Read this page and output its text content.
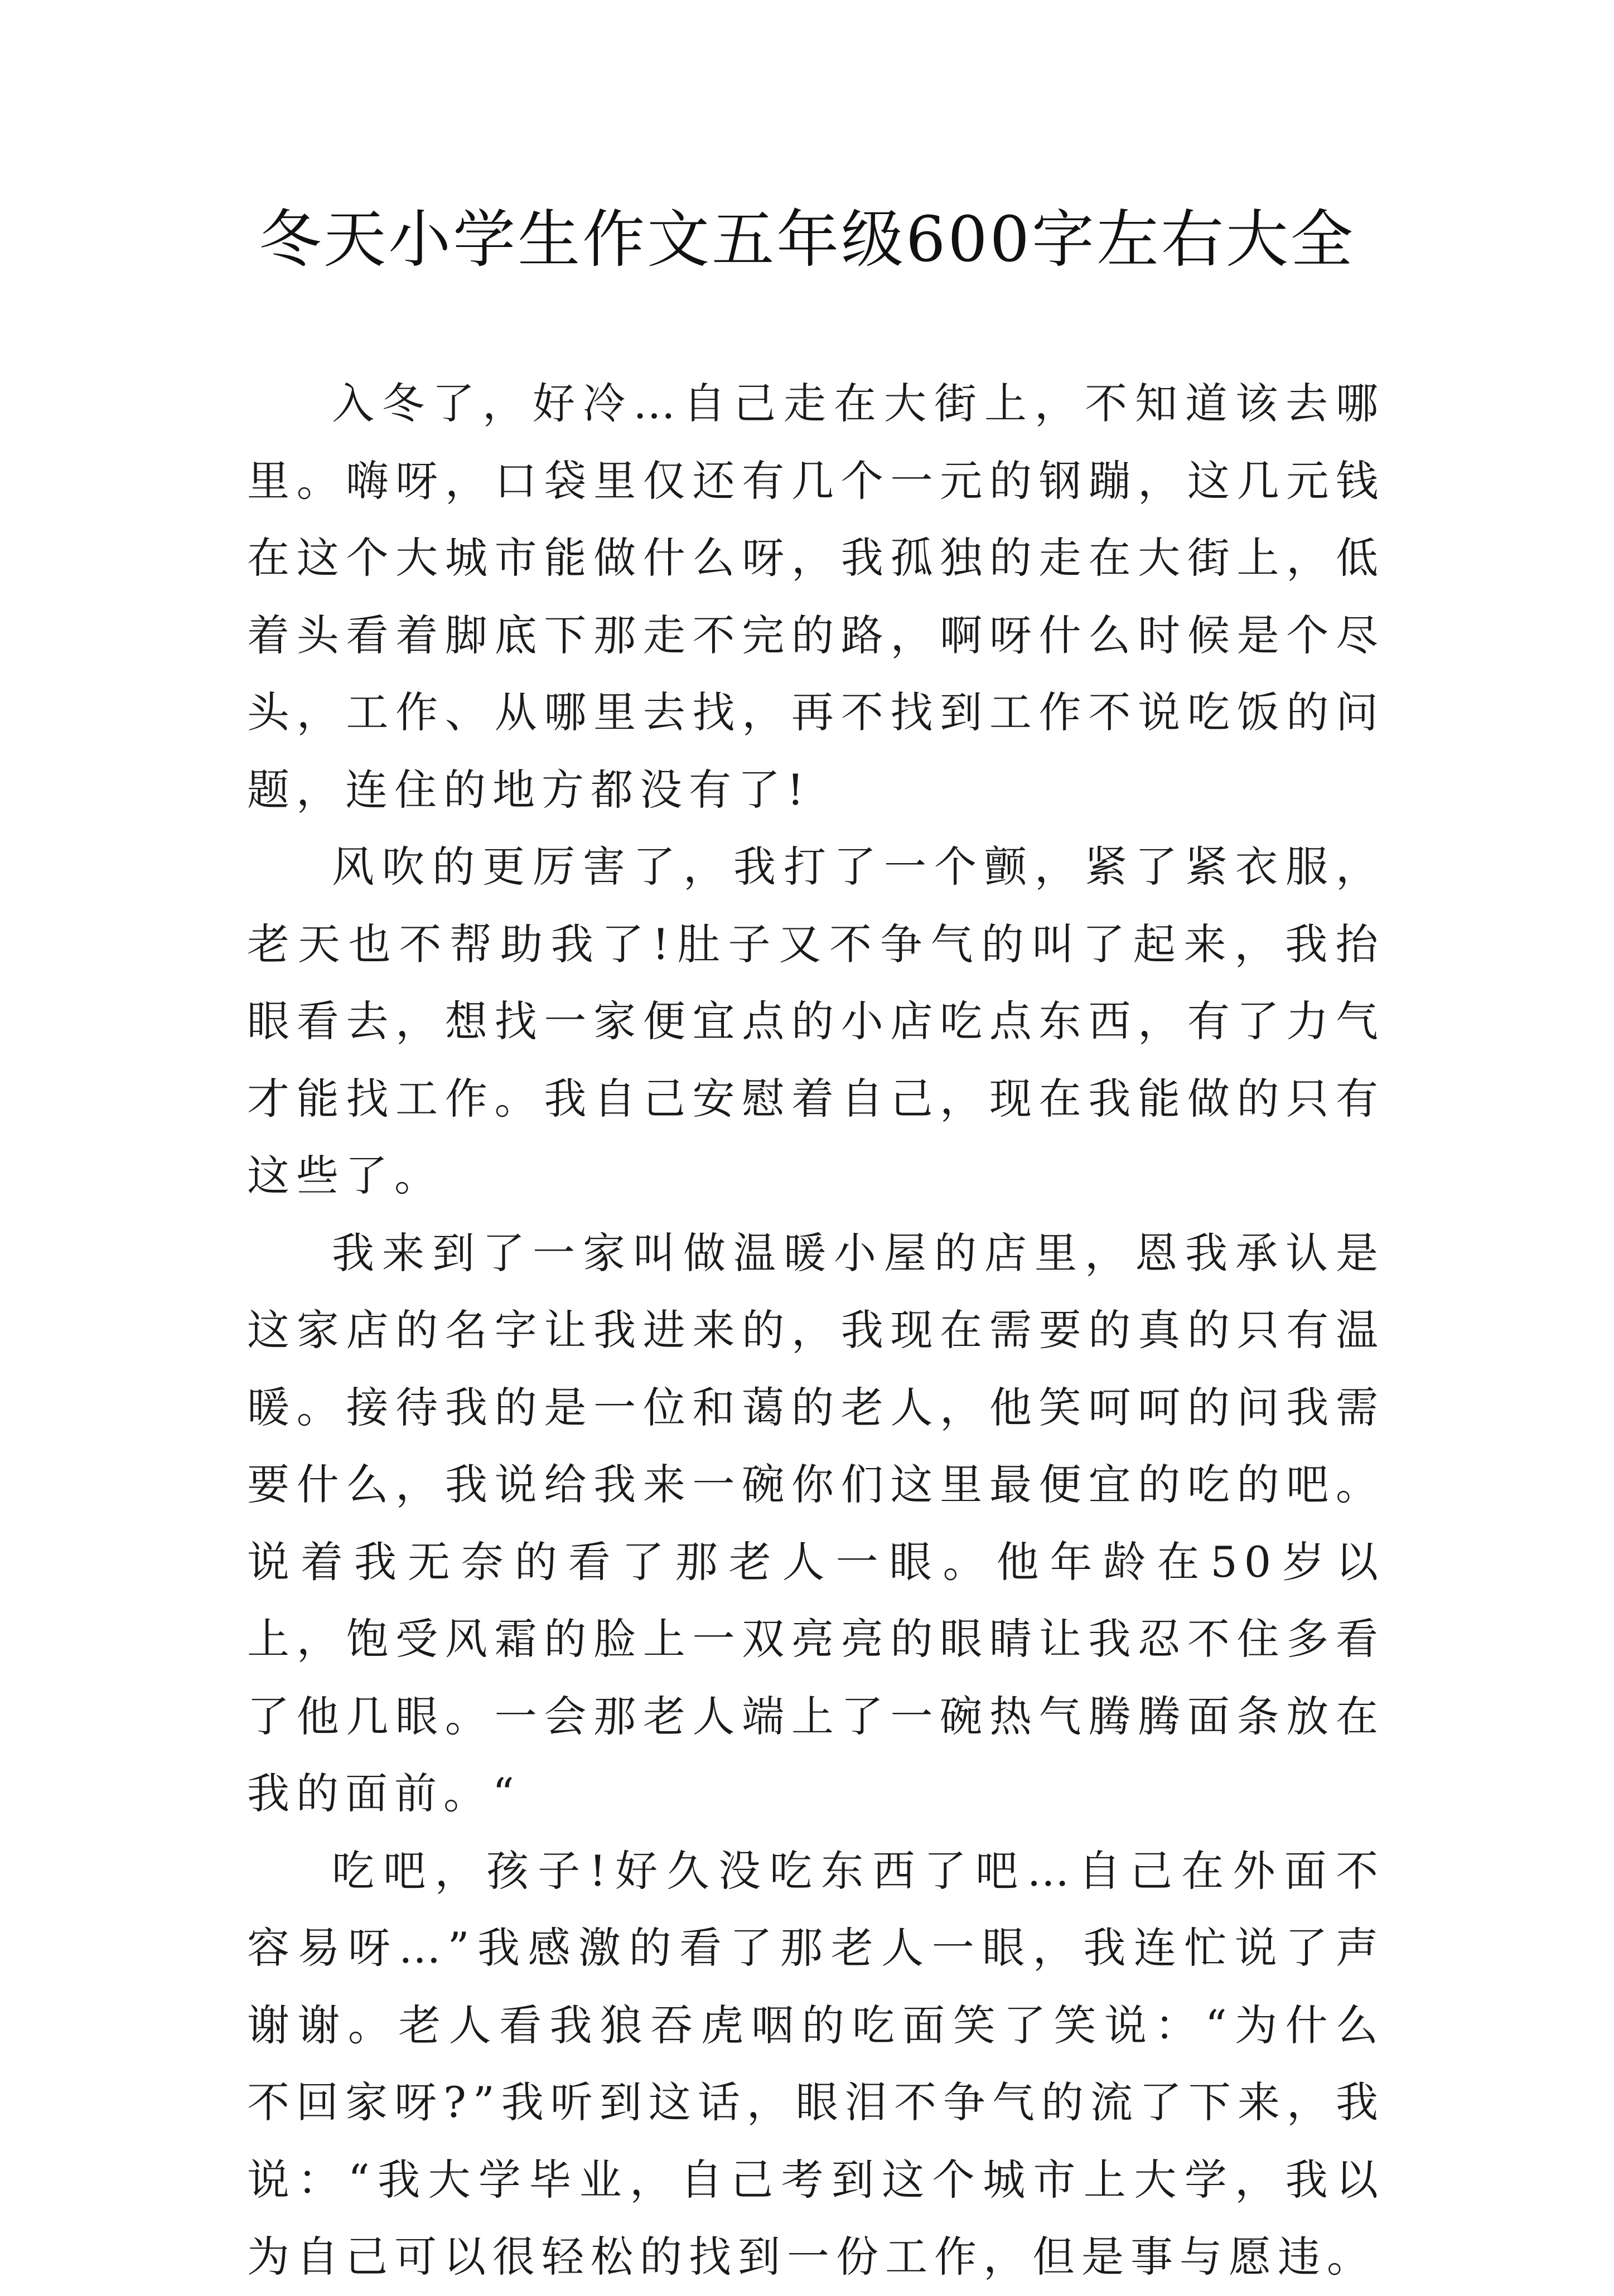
冬天小学生作文五年级600字左右大全

入冬了，好冷…自己走在大街上，不知道该去哪里。嗨呀，口袋里仅还有几个一元的钢蹦，这几元钱在这个大城市能做什么呀，我孤独的走在大街上，低着头看着脚底下那走不完的路，啊呀什么时候是个尽头，工作、从哪里去找，再不找到工作不说吃饭的问题，连住的地方都没有了!

风吹的更厉害了，我打了一个颤，紧了紧衣服，老天也不帮助我了!肚子又不争气的叫了起来，我抬眼看去，想找一家便宜点的小店吃点东西，有了力气才能找工作。我自己安慰着自己，现在我能做的只有这些了。

我来到了一家叫做温暖小屋的店里，恩我承认是这家店的名字让我进来的，我现在需要的真的只有温暖。接待我的是一位和蔼的老人，他笑呵呵的问我需要什么，我说给我来一碗你们这里最便宜的吃的吧。说着我无奈的看了那老人一眼。他年龄在50岁以上，饱受风霜的脸上一双亮亮的眼睛让我忍不住多看了他几眼。一会那老人端上了一碗热气腾腾面条放在我的面前。“

吃吧，孩子!好久没吃东西了吧…自己在外面不容易呀…”我感激的看了那老人一眼，我连忙说了声谢谢。老人看我狼吞虎咽的吃面笑了笑说：“为什么不回家呀?”我听到这话，眼泪不争气的流了下来，我说：“我大学毕业，自己考到这个城市上大学，我以为自己可以很轻松的找到一份工作，但是事与愿违。
